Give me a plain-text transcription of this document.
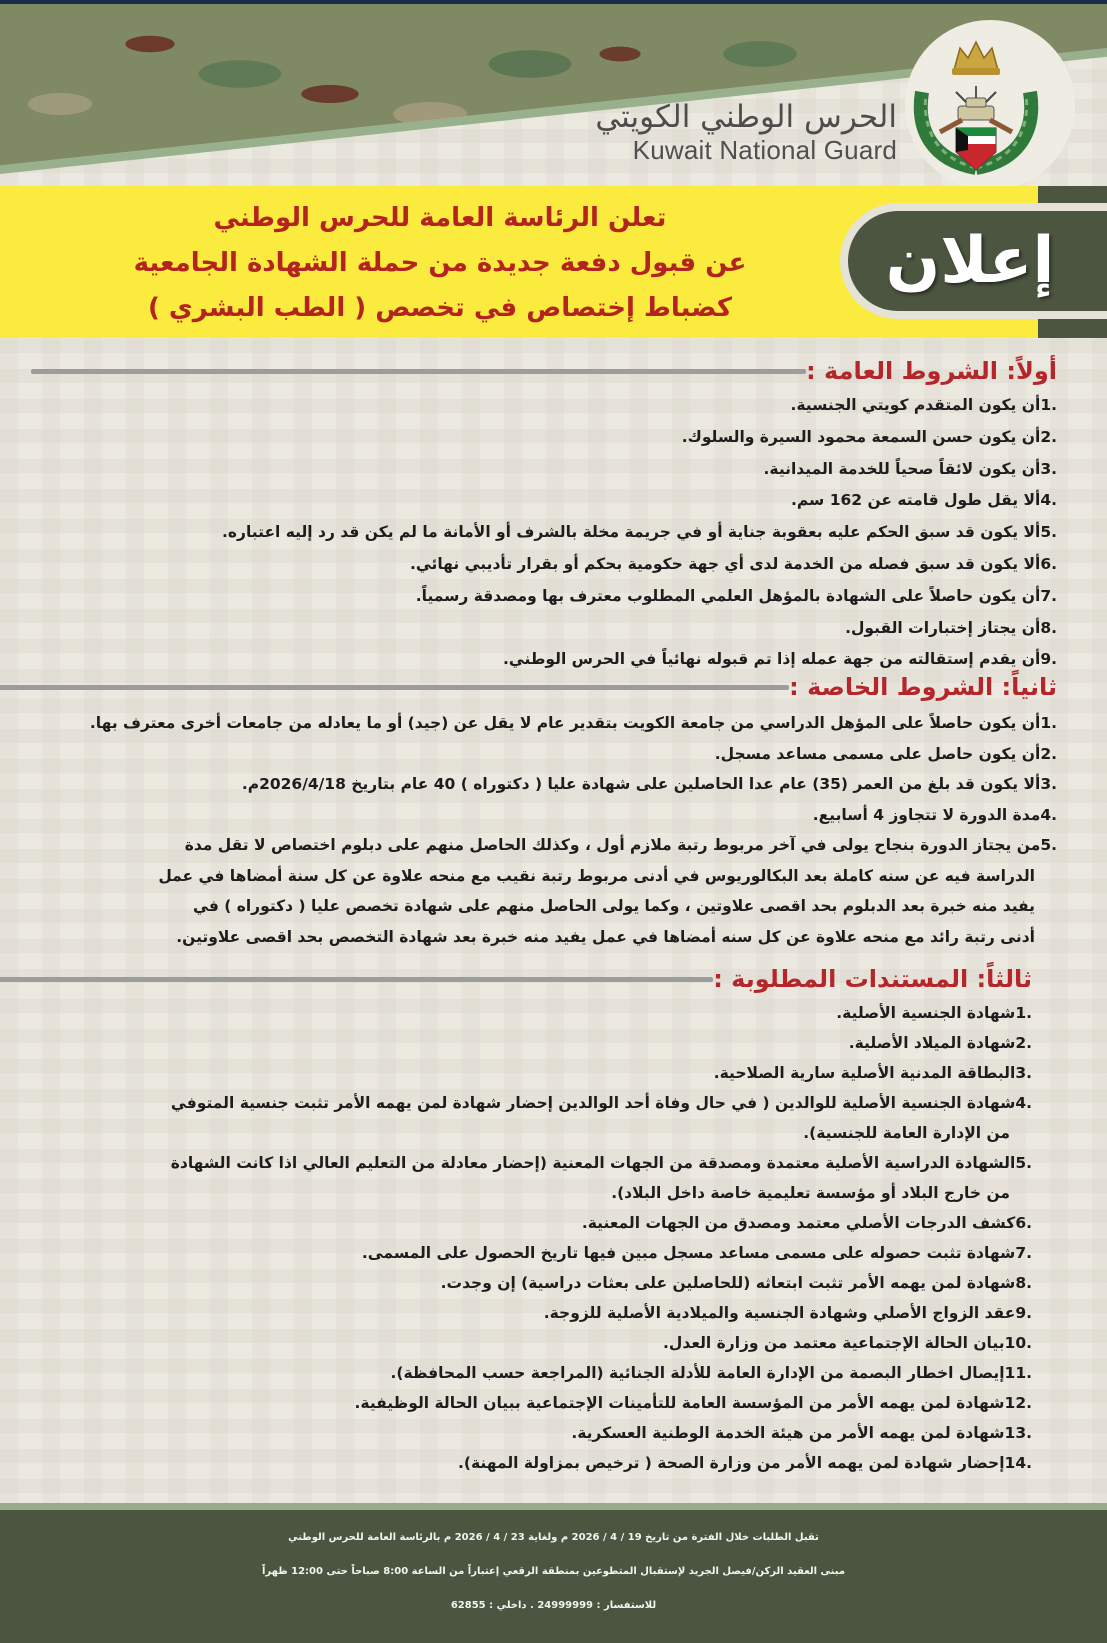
الحرس الوطني الكويتي
Kuwait National Guard
إعلان
تعلن الرئاسة العامة للحرس الوطني
عن قبول دفعة جديدة من حملة الشهادة الجامعية
كضباط إختصاص في تخصص ( الطب البشري )
أولاً: الشروط العامة :
1.أن يكون المتقدم كويتي الجنسية.
2.أن يكون حسن السمعة محمود السيرة والسلوك.
3.أن يكون لائقاً صحياً للخدمة الميدانية.
4.ألا يقل طول قامته عن 162 سم.
5.ألا يكون قد سبق الحكم عليه بعقوبة جناية أو في جريمة مخلة بالشرف أو الأمانة ما لم يكن قد رد إليه اعتباره.
6.ألا يكون قد سبق فصله من الخدمة لدى أي جهة حكومية بحكم أو بقرار تأديبي نهائي.
7.أن يكون حاصلاً على الشهادة بالمؤهل العلمي المطلوب معترف بها ومصدقة رسمياً.
8.أن يجتاز إختبارات القبول.
9.أن يقدم إستقالته من جهة عمله إذا تم قبوله نهائياً في الحرس الوطني.
ثانياً: الشروط الخاصة :
1.أن يكون حاصلاً على المؤهل الدراسي من جامعة الكويت بتقدير عام لا يقل عن (جيد) أو ما يعادله من جامعات أخرى معترف بها.
2.أن يكون حاصل على مسمى مساعد مسجل.
3.ألا يكون قد بلغ من العمر (35) عام عدا الحاصلين على شهادة عليا ( دكتوراه ) 40 عام بتاريخ 2026/4/18م.
4.مدة الدورة لا تتجاوز 4 أسابيع.
5.من يجتاز الدورة بنجاح يولى في آخر مربوط رتبة ملازم أول ، وكذلك الحاصل منهم على دبلوم اختصاص لا تقل مدة
الدراسة فيه عن سنه كاملة بعد البكالوريوس في أدنى مربوط رتبة نقيب مع منحه علاوة عن كل سنة أمضاها في عمل
يفيد منه خبرة بعد الدبلوم بحد اقصى علاوتين ، وكما يولى الحاصل منهم على شهادة تخصص عليا ( دكتوراه ) في
أدنى رتبة رائد مع منحه علاوة عن كل سنه أمضاها في عمل يفيد منه خبرة بعد شهادة التخصص بحد اقصى علاوتين.
ثالثاً: المستندات المطلوبة :
1.شهادة الجنسية الأصلية.
2.شهادة الميلاد الأصلية.
3.البطاقة المدنية الأصلية سارية الصلاحية.
4.شهادة الجنسية الأصلية للوالدين ( في حال وفاة أحد الوالدين إحضار شهادة لمن يهمه الأمر تثبت جنسية المتوفي
من الإدارة العامة للجنسية).
5.الشهادة الدراسية الأصلية معتمدة ومصدقة من الجهات المعنية (إحضار معادلة من التعليم العالي اذا كانت الشهادة
من خارج البلاد أو مؤسسة تعليمية خاصة داخل البلاد).
6.كشف الدرجات الأصلي معتمد ومصدق من الجهات المعنية.
7.شهادة تثبت حصوله على مسمى مساعد مسجل مبين فيها تاريخ الحصول على المسمى.
8.شهادة لمن يهمه الأمر تثبت ابتعاثه (للحاصلين على بعثات دراسية) إن وجدت.
9.عقد الزواج الأصلي وشهادة الجنسية والميلادية الأصلية للزوجة.
10.بيان الحالة الإجتماعية معتمد من وزارة العدل.
11.إيصال اخطار البصمة من الإدارة العامة للأدلة الجنائية (المراجعة حسب المحافظة).
12.شهادة لمن يهمه الأمر من المؤسسة العامة للتأمينات الإجتماعية ببيان الحالة الوظيفية.
13.شهادة لمن يهمه الأمر من هيئة الخدمة الوطنية العسكرية.
14.إحضار شهادة لمن يهمه الأمر من وزارة الصحة ( ترخيص بمزاولة المهنة).
تقبل الطلبات خلال الفترة من تاريخ 19 / 4 / 2026 م ولغاية 23 / 4 / 2026 م بالرئاسة العامة للحرس الوطني
مبنى العقيد الركن/فيصل الجريد لإستقبال المتطوعين بمنطقة الرقعي إعتباراً من الساعة 8:00 صباحاً حتى 12:00 ظهراً
للاستفسار : 24999999 . داخلي : 62855
